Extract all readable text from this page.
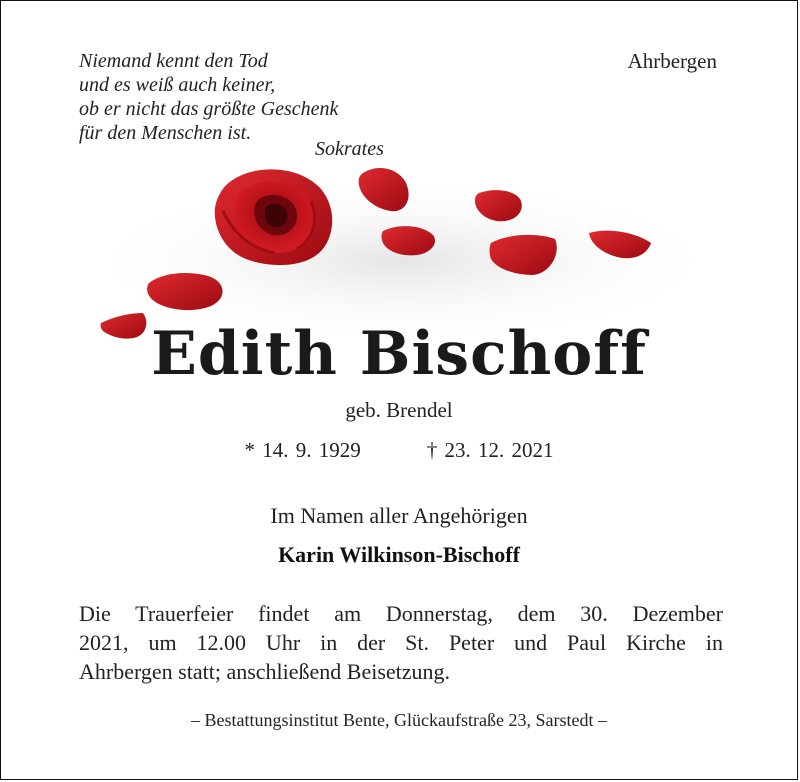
Niemand kennt den Tod
und es weiß auch keiner,
ob er nicht das größte Geschenk
für den Menschen ist.
Sokrates
Ahrbergen
Edith Bischoff
geb. Brendel
* 14. 9. 1929	† 23. 12. 2021
Im Namen aller Angehörigen
Karin Wilkinson-Bischoff
Die Trauerfeier findet am Donnerstag, dem 30. Dezember
2021, um 12.00 Uhr in der St. Peter und Paul Kirche in
Ahrbergen statt; anschließend Beisetzung.
– Bestattungsinstitut Bente, Glückaufstraße 23, Sarstedt –
